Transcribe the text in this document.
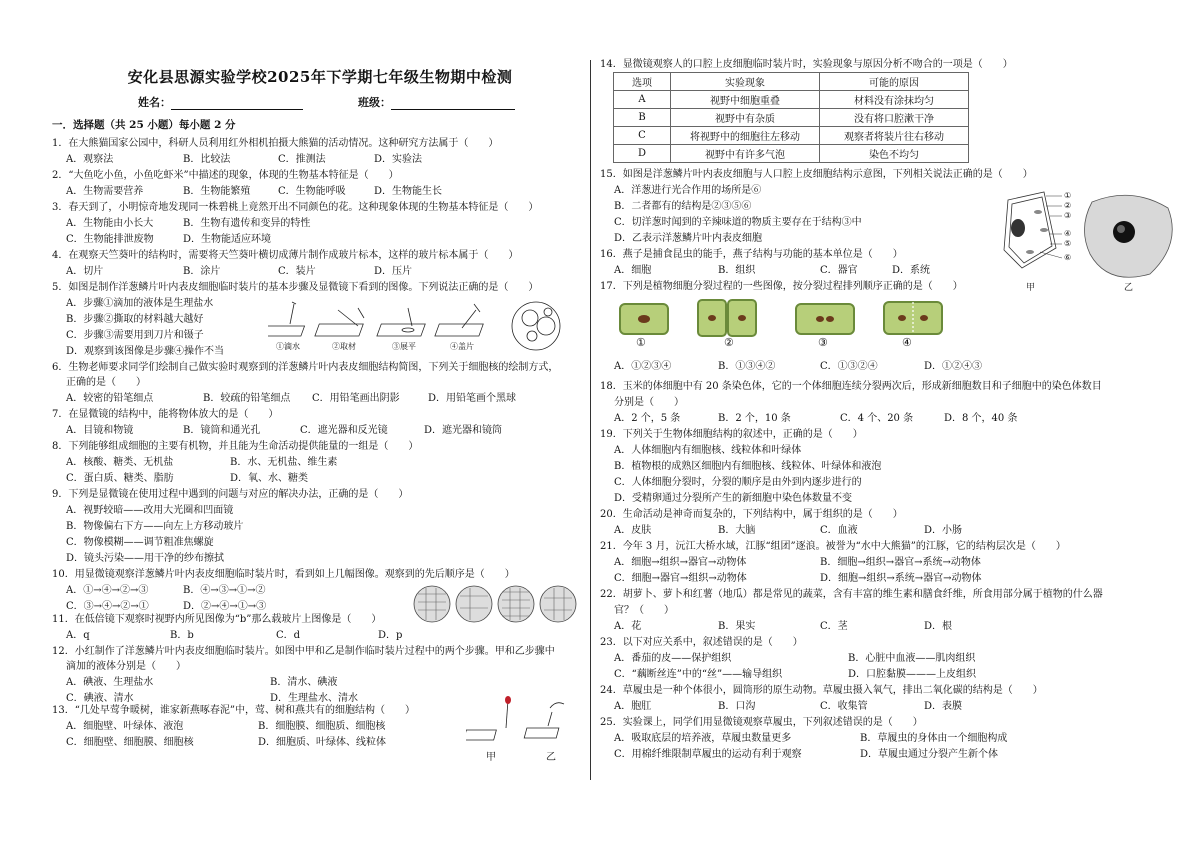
安化县思源实验学校2025年下学期七年级生物期中检测
姓名：	班级：
一．选择题（共 25 小题）每小题 2 分
1．在大熊猫国家公园中，科研人员利用红外相机拍摄大熊猫的活动情况。这种研究方法属于（　　）
A．观察法	B．比较法	C．推测法	D．实验法
2．“大鱼吃小鱼，小鱼吃虾米”中描述的现象，体现的生物基本特征是（　　）
A．生物需要营养	B．生物能繁殖	C．生物能呼吸	D．生物能生长
3．春天到了，小明惊奇地发现同一株碧桃上竟然开出不同颜色的花。这种现象体现的生物基本特征是（　　）
A．生物能由小长大	B．生物有遗传和变异的特性
C．生物能排泄废物	D．生物能适应环境
4．在观察天竺葵叶的结构时，需要将天竺葵叶横切成薄片制作成玻片标本，这样的玻片标本属于（　　）
A．切片	B．涂片	C．装片	D．压片
5．如图是制作洋葱鳞片叶内表皮细胞临时装片的基本步骤及显微镜下看到的图像。下列说法正确的是（　　）
A．步骤①滴加的液体是生理盐水
B．步骤②撕取的材料越大越好
C．步骤③需要用到刀片和镊子
D．观察到该图像是步骤④操作不当	①滴水	②取材	③展平	④盖片
6．生物老师要求同学们绘制自己做实验时观察到的洋葱鳞片叶内表皮细胞结构简图，下列关于细胞核的绘制方式，
正确的是（　　）
A．较密的铅笔细点	B．较疏的铅笔细点 C．用铅笔画出阴影	D．用铅笔画个黑球
7．在显微镜的结构中，能将物体放大的是（　　）
A．目镜和物镜	B．镜筒和通光孔	C．遮光器和反光镜	D．遮光器和镜筒
8．下列能够组成细胞的主要有机物，并且能为生命活动提供能量的一组是（　　）
A．核酸、糖类、无机盐	B．水、无机盐、维生素
C．蛋白质、糖类、脂肪	D．氧、水、糖类
9．下列是显微镜在使用过程中遇到的问题与对应的解决办法，正确的是（　　）
A．视野较暗——改用大光圈和凹面镜
B．物像偏右下方——向左上方移动玻片
C．物像模糊——调节粗准焦螺旋
D．镜头污染——用干净的纱布擦拭
10．用显微镜观察洋葱鳞片叶内表皮细胞临时装片时，看到如上几幅图像。观察到的先后顺序是（　　）
A．①→④→②→③	B．④→③→①→②
C．③→④→②→①	D．②→④→①→③
11．在低倍镜下观察时视野内所见图像为“b”那么载玻片上图像是（　　）
A．q	B．b	C．d	D．p
12．小红制作了洋葱鳞片叶内表皮细胞临时装片。如图中甲和乙是制作临时装片过程中的两个步骤。甲和乙步骤中
滴加的液体分别是（　　）
A．碘液、生理盐水	B．清水、碘液
C．碘液、清水	D．生理盐水、清水
甲	乙
13．“几处早莺争暖树，谁家新燕啄春泥”中，莺、树和燕共有的细胞结构（　　）
A．细胞壁、叶绿体、液泡	B．细胞膜、细胞质、细胞核
C．细胞壁、细胞膜、细胞核	D．细胞质、叶绿体、线粒体
14．显微镜观察人的口腔上皮细胞临时装片时，实验现象与原因分析不吻合的一项是（　　）
选项	实验现象	可能的原因
A	视野中细胞重叠	材料没有涂抹均匀
B	视野中有杂质	没有将口腔漱干净
C	将视野中的细胞往左移动	观察者将装片往右移动
D	视野中有许多气泡	染色不均匀
15．如图是洋葱鳞片叶内表皮细胞与人口腔上皮细胞结构示意图，下列相关说法正确的是（　　）
A．洋葱进行光合作用的场所是⑥
B．二者都有的结构是②③⑤⑥
C．切洋葱时闻到的辛辣味道的物质主要存在于结构③中
D．乙表示洋葱鳞片叶内表皮细胞
①
②
③
④
⑤
⑥
甲	乙
16．燕子是捕食昆虫的能手，燕子结构与功能的基本单位是（　　）
A．细胞	B．组织	C．器官	D．系统
17．下列是植物细胞分裂过程的一些图像，按分裂过程排列顺序正确的是（　　）
①	②	③	④
A．①②③④	B．①③④②	C．①③②④	D．①②④③
18．玉米的体细胞中有 20 条染色体，它的一个体细胞连续分裂两次后，形成新细胞数目和子细胞中的染色体数目
分别是（　　）
A．2 个，5 条	B．2 个，10 条	C．4 个、20 条	D．8 个，40 条
19．下列关于生物体细胞结构的叙述中，正确的是（　　）
A．人体细胞内有细胞核、线粒体和叶绿体
B．植物根的成熟区细胞内有细胞核、线粒体、叶绿体和液泡
C．人体细胞分裂时，分裂的顺序是由外到内逐步进行的
D．受精卵通过分裂所产生的新细胞中染色体数量不变
20．生命活动是神奇而复杂的，下列结构中，属于组织的是（　　）
A．皮肤	B．大脑	C．血液	D．小肠
21．今年 3 月，沅江大桥水域，江豚“组团”逐浪。被誉为“水中大熊猫”的江豚，它的结构层次是（　　）
A．细胞→组织→器官→动物体	B．细胞→组织→器官→系统→动物体
C．细胞→器官→组织→动物体	D．细胞→组织→系统→器官→动物体
22．胡萝卜、萝卜和红薯（地瓜）都是常见的蔬菜，含有丰富的维生素和膳食纤维，所食用部分属于植物的什么器
官？（　　）
A．花	B．果实	C．茎	D．根
23．以下对应关系中，叙述错误的是（　　）
A．番茄的皮——保护组织	B．心脏中血液——肌肉组织
C．“藕断丝连”中的“丝”——输导组织	D．口腔黏膜———上皮组织
24．草履虫是一种个体很小，圆筒形的原生动物。草履虫摄入氧气，排出二氧化碳的结构是（　　）
A．胞肛	B．口沟	C．收集管	D．表膜
25．实验课上，同学们用显微镜观察草履虫，下列叙述错误的是（　　）
A．吸取底层的培养液，草履虫数量更多	B．草履虫的身体由一个细胞构成
C．用棉纤维限制草履虫的运动有利于观察	D．草履虫通过分裂产生新个体
